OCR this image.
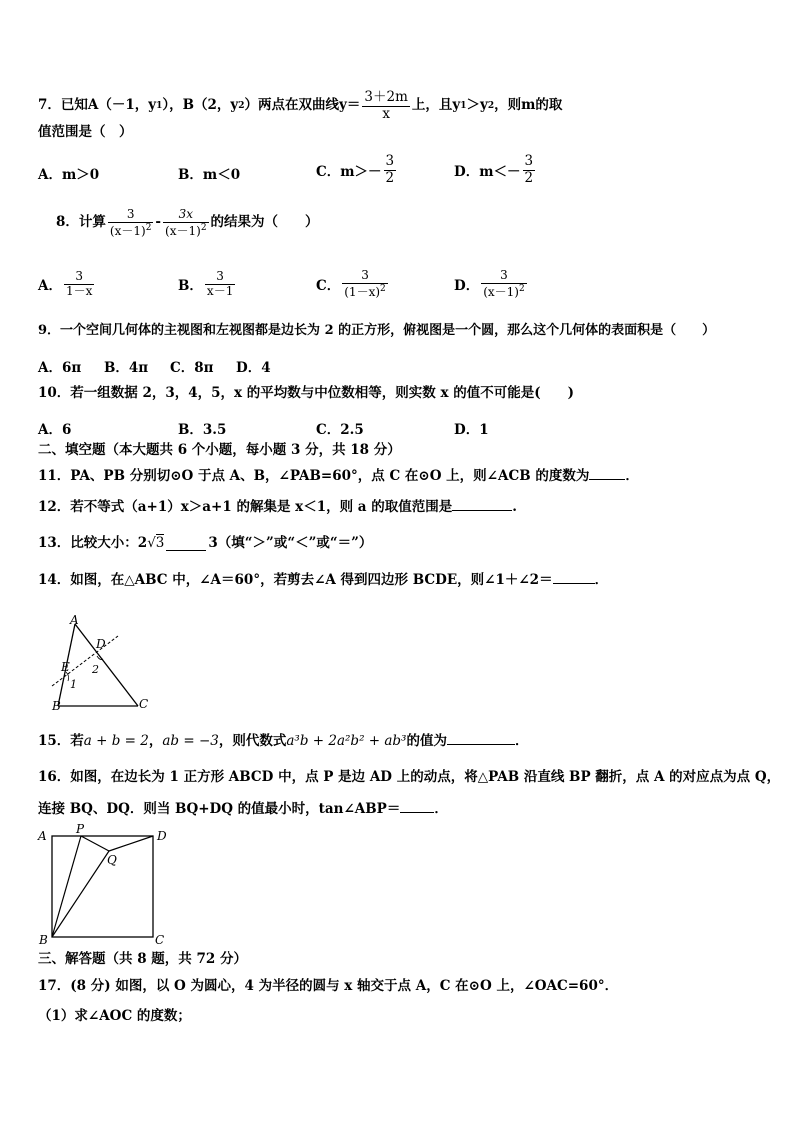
7．已知A（－1，y 1 ），B（2，y 2 ）两点在双曲线$y= \frac{3+2m}{x}$ 上，且y 1 ＞y 2 ，则m的取
值范围是（　）
A．m＞0	B．m＜0	C．$m>- \frac{3}{2}$	D．$m<- \frac{3}{2}$
8．计算 $\frac{3}{(x-1)^2} - \frac{3x}{(x-1)^2}$ 的结果为（　　）
A． $\frac{3}{1-x}$	B． $\frac{3}{x-1}$	C． $\frac{3}{(1-x)^2}$	D． $\frac{3}{(x-1)^2}$
9．一个空间几何体的主视图和左视图都是边长为 2 的正方形，俯视图是一个圆，那么这个几何体的表面积是（　　）
A．6π B．4π C．8π D．4
10．若一组数据 2，3，4，5，x 的平均数与中位数相等，则实数 x 的值不可能是(　　)
A．6	B．3.5	C．2.5	D．1
二、填空题（本大题共 6 个小题，每小题 3 分，共 18 分）
11．PA、PB 分别切⊙O 于点 A、B，∠PAB=60°，点 C 在⊙O 上，则∠ACB 的度数为	．
12．若不等式（a+1）x＞a+1 的解集是 x＜1，则 a 的取值范围是	.
13．比较大小：2 √3	3（填“＞”或“＜”或“＝”）
14．如图，在△ABC 中，∠A＝60°，若剪去∠A 得到四边形 BCDE，则∠1＋∠2＝	．
A
D
E
1
2
B	C
15．若a + b = 2，ab = −3，则代数式a³b + 2a²b² + ab³的值为	．
16．如图，在边长为 1 正方形 ABCD 中，点 P 是边 AD 上的动点，将△PAB 沿直线 BP 翻折，点 A 的对应点为点 Q，
连接 BQ、DQ．则当 BQ+DQ 的值最小时，tan∠ABP＝	．
A P	D
Q
B	C
三、解答题（共 8 题，共 72 分）
17．(8 分) 如图，以 O 为圆心，4 为半径的圆与 x 轴交于点 A，C 在⊙O 上，∠OAC=60°．
（1）求∠AOC 的度数；
